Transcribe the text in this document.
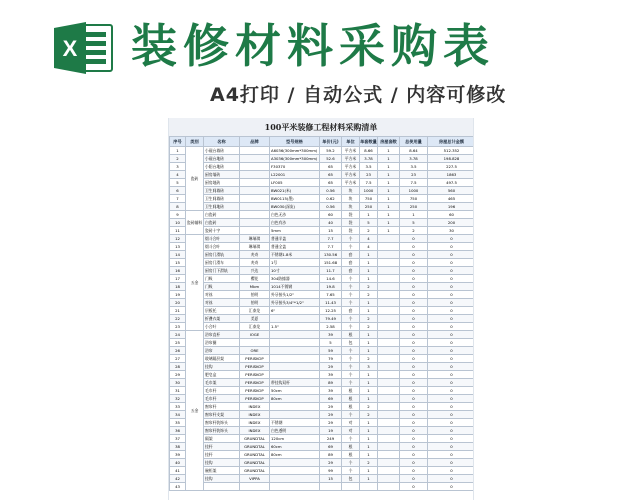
X 装修材料采购表
A4打印 / 自动公式 / 内容可修改
100平米装修工程材料采购清单
序号	类别	名称	品牌	型号规格	单价(元)	单位	单套数量	房屋套数	总使用量	房屋总计金额
1	瓷砖	小砚台墙砖		A6036(300mm*300mm)	59.2	平方米	8.66	1	8.64	512.352
2		小砚台地砖		A3036(300mm*300mm)	52.6	平方米	3.78	1	3.78	198.828
3		小阳台地砖		F30370	65	平方米	3.5	1	3.5	227.5
4		厨房墙砖		L22001	65	平方米	23	1	23	1863
5		厨房地砖		LF005	65	平方米	7.5	1	7.5	497.5
6		卫生间墙砖		BW021(米)	0.56	块	1000	1	1000	560
7		卫生间墙砖		BW0115(墨)	0.62	块	750	1	750	465
8		卫生间地砖		BW030(深灰)	0.56	块	250	1	250	196
9	瓷砖辅料	白瓷砖		白色无沙	60	袋	1	1	1	60
10		白瓷砖		白色有沙	40	袋	5	1	5	200
11		瓷砖十字		5mm	15	袋	2	1	2	30
12	五金	烟斗合叶	琳瑞琪	普通半盖	7.7	个	4		0	0
13		烟斗合叶	琳瑞琪	普通全盖	7.7	个	4		0	0
14		厨房门滑轨	麦奇	不锈钢1.8米	130.56	套	1		0	0
15		厨房门滑车	麦奇	1号	151.68	套	1		0	0
16		厨房门下滑轨	兴达	10寸	11.7	套	1		0	0
17		门吸	樱花	304防撞器	14.6	个	1		0	0
18		门吸	Mbm	1014不锈钢	19.8	个	2		0	0
19		对丝	怡明	外牙接头1/2"	7.65	个	2		0	0
20		对丝	怡明	外牙接头3/4"*1/2"	11.43	个	1		0	0
21		层板托	汇泰龙	6"	12.25	套	1		0	0
22		折叠衣架	美夏		79.49	个	2		0	0
23		小合叶	汇泰龙	1.5"	2.58	个	2		0	0
24	五金	浴帘直杆	IOGE		39	根	1		0	0
25		浴帘圈			5	包	1		0	0
26		浴帘	ORE		59	个	1		0	0
27		玻璃隔层架	PERISKOP		79	个	2		0	0
28		挂钩	PERISKOP		29	个	3		0	0
29		肥皂盒	PERISKOP		39	个	1		0	0
30		毛巾架	PERISKOP	带挂钩双杆	89	个	1		0	0
31		毛巾杆	PERISKOP	50cm	39	根	1		0	0
32		毛巾杆	PERISKOP	80cm	69	根	1		0	0
33		窗帘杆	INDEX		29	根	2		0	0
34		窗帘杆支架	INDEX		29	个	2		0	0
35		窗帘杆装饰头	INDEX	不锈钢	29	对	1		0	0
36		窗帘杆装饰头	INDEX	白色透明	19	对	1		0	0
37		隔架	GRUNDTAL	120cm	249	个	1		0	0
38		挂杆	GRUNDTAL	60cm	69	根	1		0	0
39		挂杆	GRUNDTAL	80cm	89	根	1		0	0
40		挂钩	GRUNDTAL		29	个	2		0	0
41		碗柜架	GRUNDTAL		99	个	1		0	0
42		挂钩	VIPPA		15	包	1		0	0
43									0	0
